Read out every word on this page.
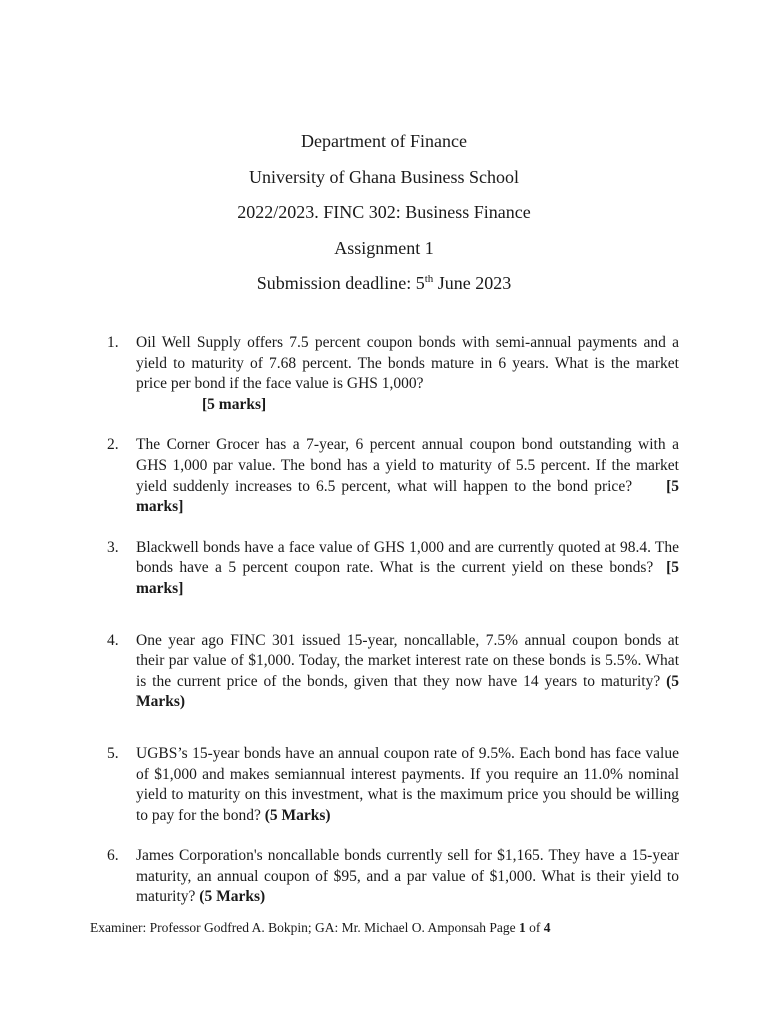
Department of Finance
University of Ghana Business School
2022/2023. FINC 302: Business Finance
Assignment 1
Submission deadline: 5th June 2023
1. Oil Well Supply offers 7.5 percent coupon bonds with semi-annual payments and a yield to maturity of 7.68 percent. The bonds mature in 6 years. What is the market price per bond if the face value is GHS 1,000?
[5 marks]
2. The Corner Grocer has a 7-year, 6 percent annual coupon bond outstanding with a GHS 1,000 par value. The bond has a yield to maturity of 5.5 percent. If the market yield suddenly increases to 6.5 percent, what will happen to the bond price? [5 marks]
3. Blackwell bonds have a face value of GHS 1,000 and are currently quoted at 98.4. The bonds have a 5 percent coupon rate. What is the current yield on these bonds? [5 marks]
4. One year ago FINC 301 issued 15-year, noncallable, 7.5% annual coupon bonds at their par value of $1,000. Today, the market interest rate on these bonds is 5.5%. What is the current price of the bonds, given that they now have 14 years to maturity? (5 Marks)
5. UGBS’s 15-year bonds have an annual coupon rate of 9.5%. Each bond has face value of $1,000 and makes semiannual interest payments. If you require an 11.0% nominal yield to maturity on this investment, what is the maximum price you should be willing to pay for the bond? (5 Marks)
6. James Corporation's noncallable bonds currently sell for $1,165. They have a 15-year maturity, an annual coupon of $95, and a par value of $1,000. What is their yield to maturity? (5 Marks)
Examiner: Professor Godfred A. Bokpin; GA: Mr. Michael O. Amponsah Page 1 of 4
